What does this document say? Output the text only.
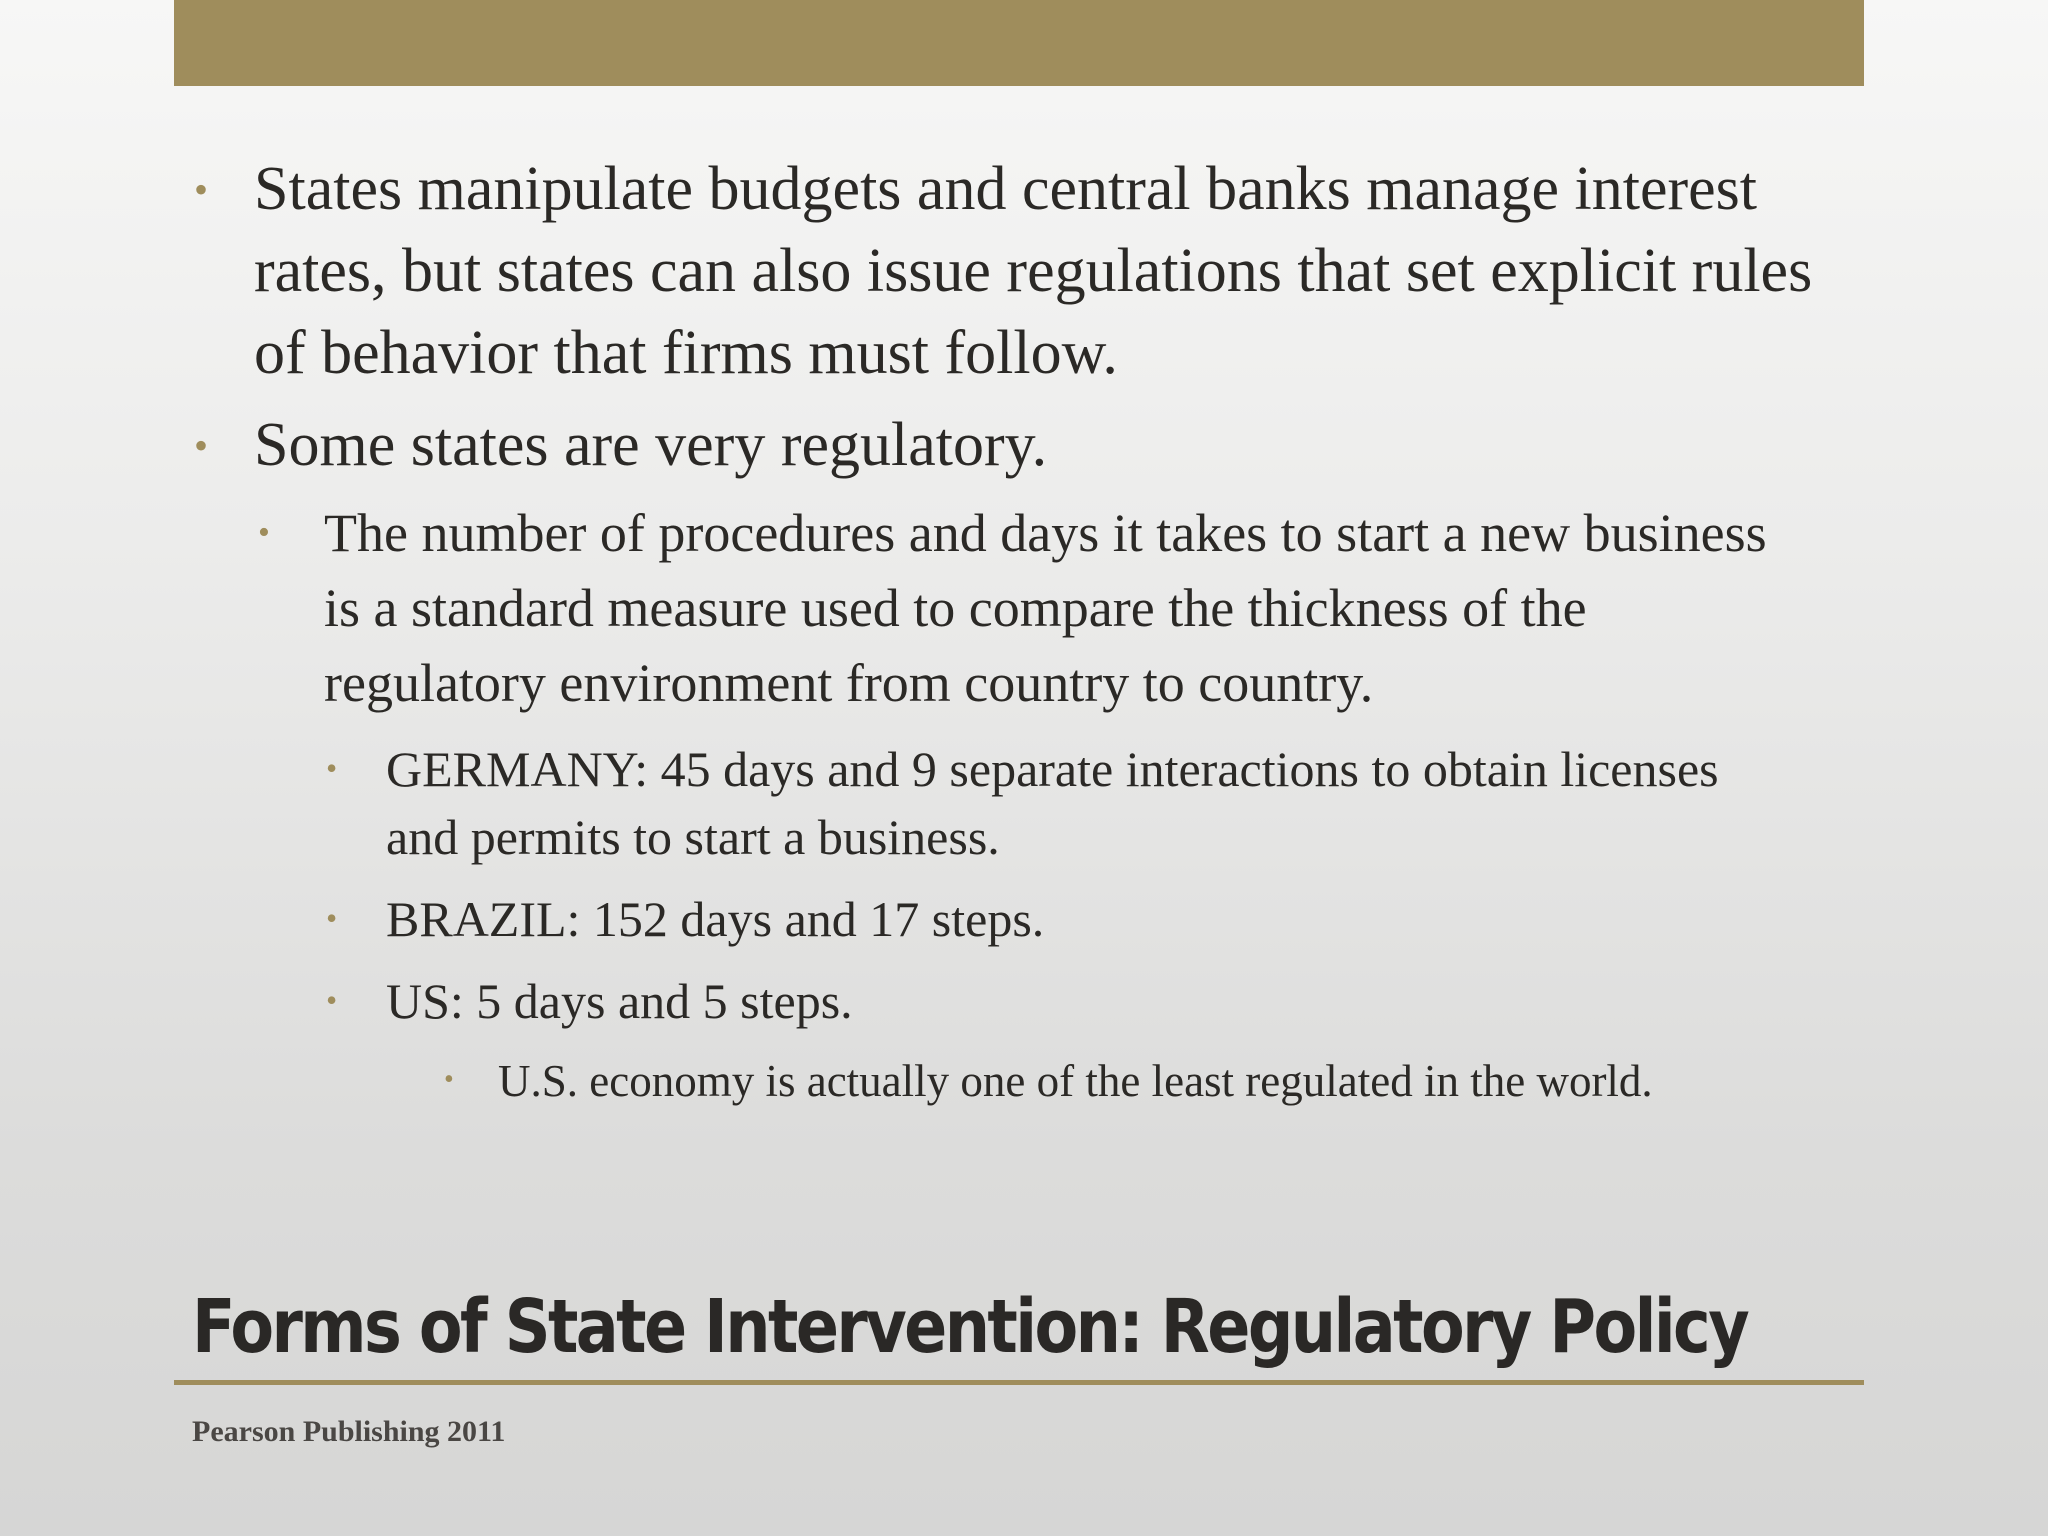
• States manipulate budgets and central banks manage interest rates, but states can also issue regulations that set explicit rules of behavior that firms must follow.
• Some states are very regulatory.
•	The number of procedures and days it takes to start a new business is a standard measure used to compare the thickness of the regulatory environment from country to country.
• GERMANY: 45 days and 9 separate interactions to obtain licenses and permits to start a business.
• BRAZIL: 152 days and 17 steps.
• US: 5 days and 5 steps.
• U.S. economy is actually one of the least regulated in the world.
Forms of State Intervention: Regulatory Policy
Pearson Publishing 2011
